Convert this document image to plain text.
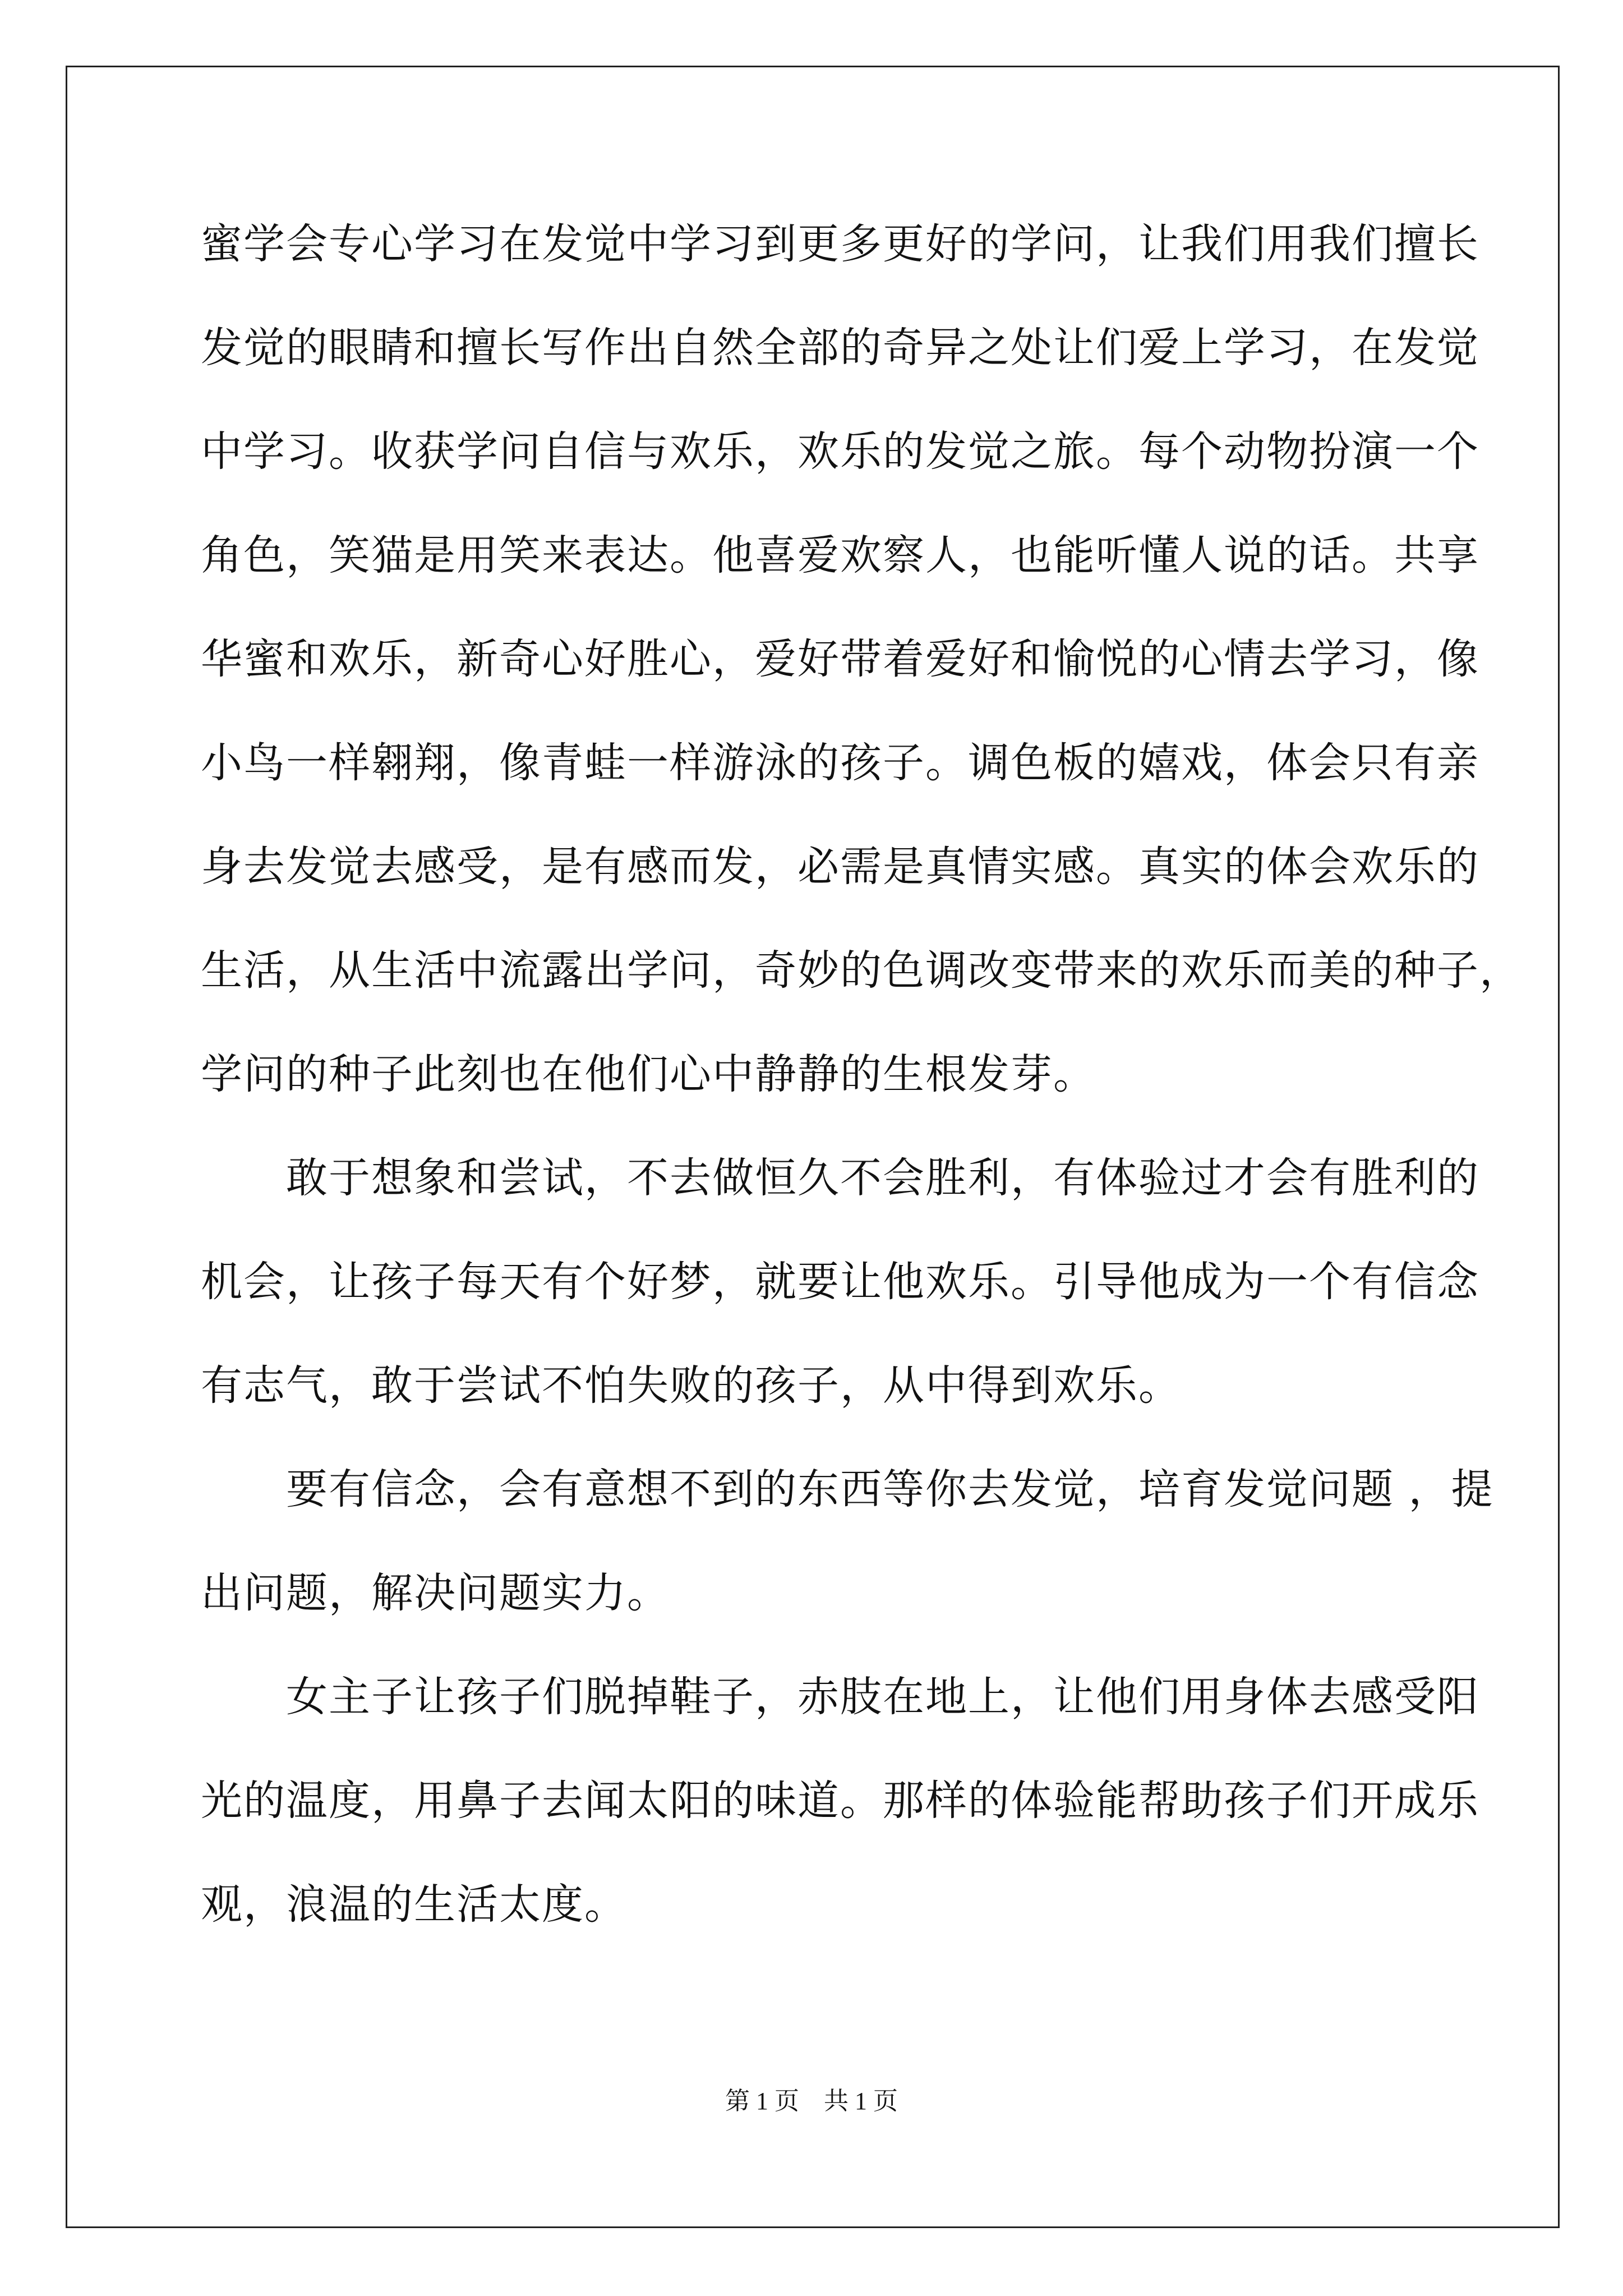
蜜学会专心学习在发觉中学习到更多更好的学问，让我们用我们擅长
发觉的眼睛和擅长写作出自然全部的奇异之处让们爱上学习，在发觉
中学习。收获学问自信与欢乐，欢乐的发觉之旅。每个动物扮演一个
角色，笑猫是用笑来表达。他喜爱欢察人，也能听懂人说的话。共享
华蜜和欢乐，新奇心好胜心，爱好带着爱好和愉悦的心情去学习，像
小鸟一样翱翔，像青蛙一样游泳的孩子。调色板的嬉戏，体会只有亲
身去发觉去感受，是有感而发，必需是真情实感。真实的体会欢乐的
生活，从生活中流露出学问，奇妙的色调改变带来的欢乐而美的种子，
学问的种子此刻也在他们心中静静的生根发芽。
　　敢于想象和尝试，不去做恒久不会胜利，有体验过才会有胜利的
机会，让孩子每天有个好梦，就要让他欢乐。引导他成为一个有信念
有志气，敢于尝试不怕失败的孩子，从中得到欢乐。
　　要有信念，会有意想不到的东西等你去发觉，培育发觉问题 ，提
出问题，解决问题实力。
　　女主子让孩子们脱掉鞋子，赤肢在地上，让他们用身体去感受阳
光的温度，用鼻子去闻太阳的味道。那样的体验能帮助孩子们开成乐
观，浪温的生活太度。
第 1 页　共 1 页
